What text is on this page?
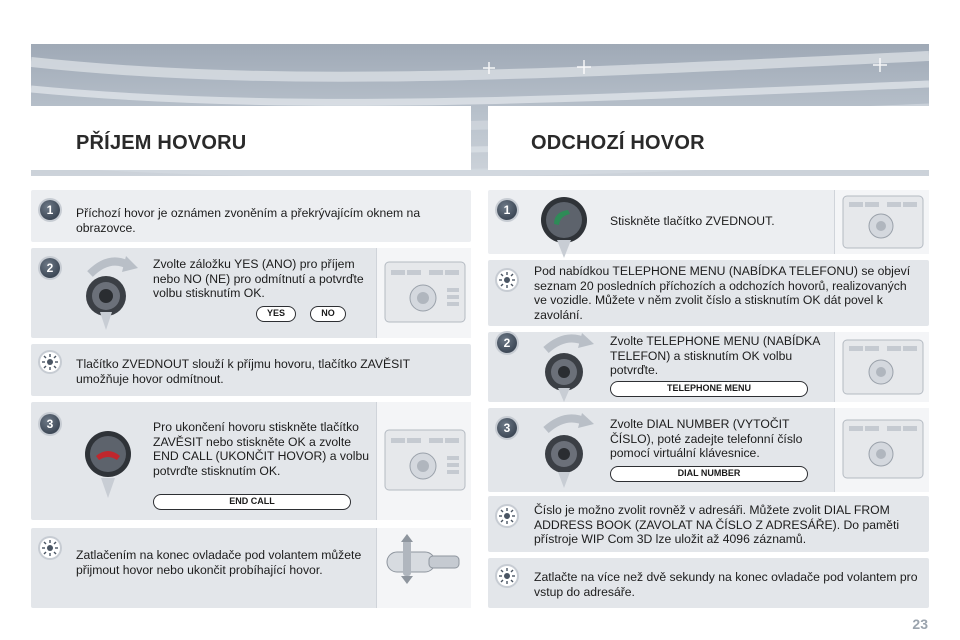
PŘÍJEM HOVORU	ODCHOZÍ HOVOR
1	Příchozí hovor je oznámen zvoněním a překrývajícím oknem na obrazovce.
2	Zvolte záložku YES (ANO) pro příjem nebo NO (NE) pro odmítnutí a potvrďte volbu stisknutím OK.
YES	NO
Tlačítko ZVEDNOUT slouží k příjmu hovoru, tlačítko ZAVĚSIT umožňuje hovor odmítnout.
3	Pro ukončení hovoru stiskněte tlačítko ZAVĚSIT nebo stiskněte OK a zvolte END CALL (UKONČIT HOVOR) a volbu potvrďte stisknutím OK.
END CALL
Zatlačením na konec ovladače pod volantem můžete přijmout hovor nebo ukončit probíhající hovor.
1
Stiskněte tlačítko ZVEDNOUT.
Pod nabídkou TELEPHONE MENU (NABÍDKA TELEFONU) se objeví seznam 20 posledních příchozích a odchozích hovorů, realizovaných ve vozidle. Můžete v něm zvolit číslo a stisknutím OK dát povel k zavolání.
2	Zvolte TELEPHONE MENU (NABÍDKA TELEFON) a stisknutím OK volbu potvrďte.
TELEPHONE MENU
3	Zvolte DIAL NUMBER (VYTOČIT ČÍSLO), poté zadejte telefonní číslo pomocí virtuální klávesnice.
DIAL NUMBER
Číslo je možno zvolit rovněž v adresáři. Můžete zvolit DIAL FROM ADDRESS BOOK (ZAVOLAT NA ČÍSLO Z ADRESÁŘE). Do paměti přístroje WIP Com 3D lze uložit až 4096 záznamů.
Zatlačte na více než dvě sekundy na konec ovladače pod volantem pro vstup do adresáře.
23
